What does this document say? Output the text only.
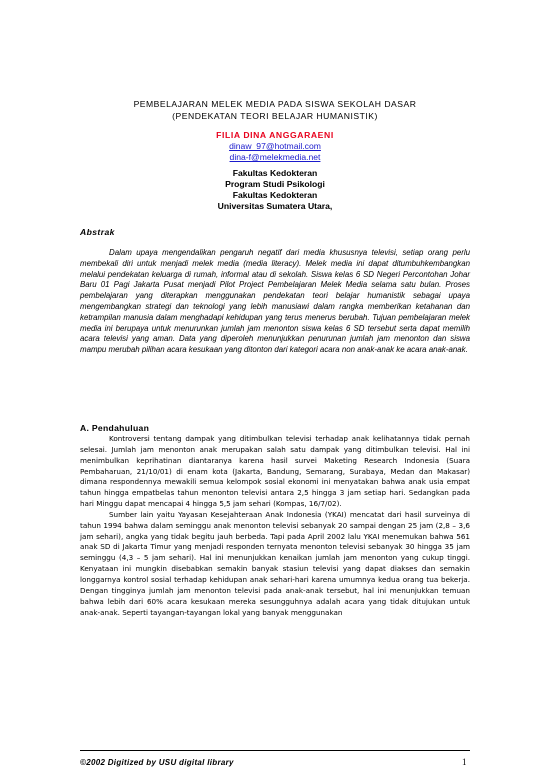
PEMBELAJARAN MELEK MEDIA PADA SISWA SEKOLAH DASAR
(PENDEKATAN TEORI BELAJAR HUMANISTIK)
FILIA DINA ANGGARAENI
dinaw_97@hotmail.com
dina-f@melekmedia.net
Fakultas Kedokteran
Program Studi Psikologi
Fakultas Kedokteran
Universitas Sumatera Utara,
Abstrak
Dalam upaya mengendalikan pengaruh negatif dari media khususnya televisi, setiap orang perlu membekali diri untuk menjadi melek media (media literacy). Melek media ini dapat ditumbuhkembangkan melalui pendekatan keluarga di rumah, informal atau di sekolah. Siswa kelas 6 SD Negeri Percontohan Johar Baru 01 Pagi Jakarta Pusat menjadi Pilot Project Pembelajaran Melek Media selama satu bulan. Proses pembelajaran yang diterapkan menggunakan pendekatan teori belajar humanistik sebagai upaya mengembangkan strategi dan teknologi yang lebih manusiawi dalam rangka memberikan ketahanan dan ketrampilan manusia dalam menghadapi kehidupan yang terus menerus berubah. Tujuan pembelajaran melek media ini berupaya untuk menurunkan jumlah jam menonton siswa kelas 6 SD tersebut serta dapat memilih acara televisi yang aman. Data yang diperoleh menunjukkan penurunan jumlah jam menonton dan siswa mampu merubah pilihan acara kesukaan yang ditonton dari kategori acara non anak-anak ke acara anak-anak.
A. Pendahuluan

Kontroversi tentang dampak yang ditimbulkan televisi terhadap anak kelihatannya tidak pernah selesai. Jumlah jam menonton anak merupakan salah satu dampak yang ditimbulkan televisi. Hal ini menimbulkan keprihatinan diantaranya karena hasil survei Maketing Research Indonesia (Suara Pembaharuan, 21/10/01) di enam kota (Jakarta, Bandung, Semarang, Surabaya, Medan dan Makasar) dimana respondennya mewakili semua kelompok sosial ekonomi ini menyatakan bahwa anak usia empat tahun hingga empatbelas tahun menonton televisi antara 2,5 hingga 3 jam setiap hari. Sedangkan pada hari Minggu dapat mencapai 4 hingga 5,5 jam sehari (Kompas, 16/7/02).

Sumber lain yaitu Yayasan Kesejahteraan Anak Indonesia (YKAI) mencatat dari hasil surveinya di tahun 1994 bahwa dalam seminggu anak menonton televisi sebanyak 20 sampai dengan 25 jam (2,8 – 3,6 jam sehari), angka yang tidak begitu jauh berbeda. Tapi pada April 2002 lalu YKAI menemukan bahwa 561 anak SD di Jakarta Timur yang menjadi responden ternyata menonton televisi sebanyak 30 hingga 35 jam seminggu (4,3 – 5 jam sehari). Hal ini menunjukkan kenaikan jumlah jam menonton yang cukup tinggi. Kenyataan ini mungkin disebabkan semakin banyak stasiun televisi yang dapat diakses dan semakin longgarnya kontrol sosial terhadap kehidupan anak sehari-hari karena umumnya kedua orang tua bekerja. Dengan tingginya jumlah jam menonton televisi pada anak-anak tersebut, hal ini menunjukkan temuan bahwa lebih dari 60% acara kesukaan mereka sesungguhnya adalah acara yang tidak ditujukan untuk anak-anak. Seperti tayangan-tayangan lokal yang banyak menggunakan

©2002 Digitized by USU digital library	1
